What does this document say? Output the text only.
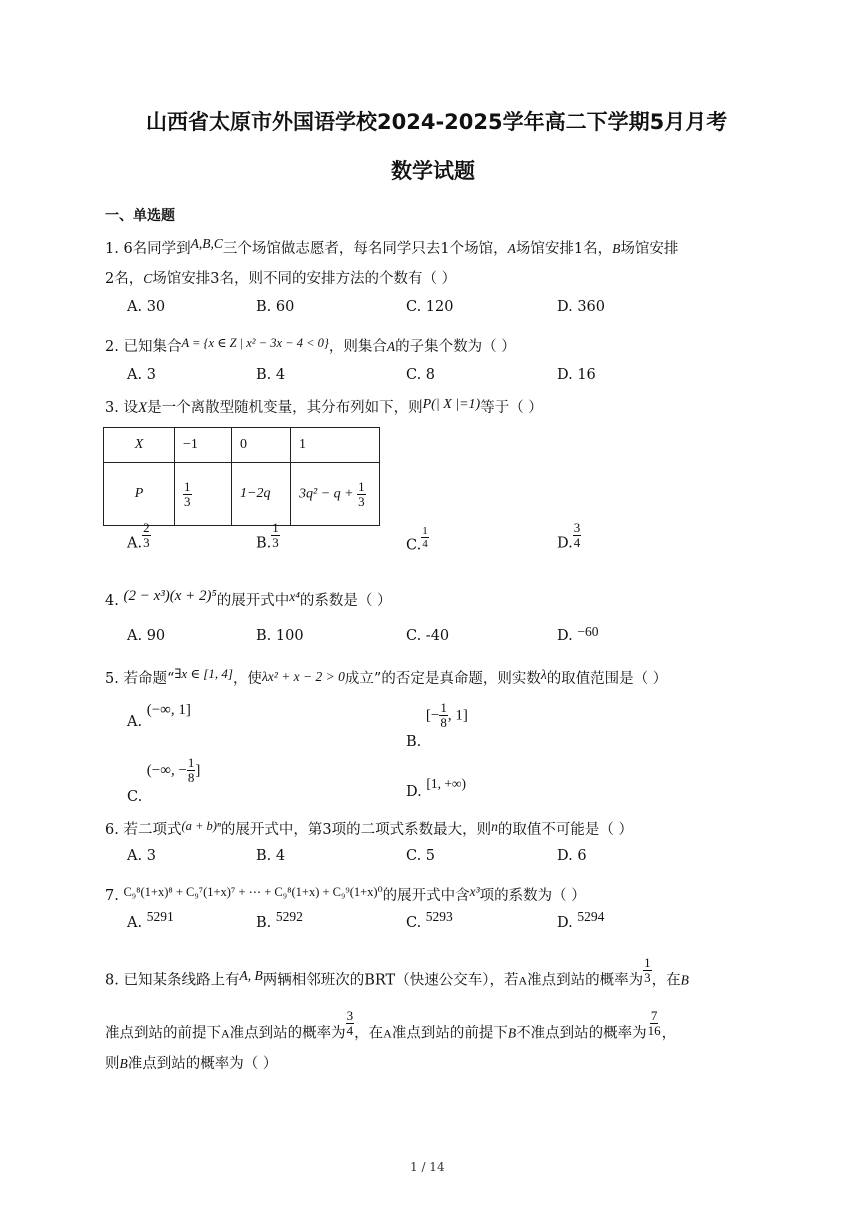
山西省太原市外国语学校2024-2025学年高二下学期5月月考
数学试题
一、单选题
1. 6名同学到A,B,C三个场馆做志愿者，每名同学只去1个场馆，A场馆安排1名，B场馆安排
2名，C场馆安排3名，则不同的安排方法的个数有（ ）
A. 30	B. 60	C. 120	D. 360
2. 已知集合A = {x ∈ Z | x² − 3x − 4 < 0}，则集合A的子集个数为（ ）
A. 3	B. 4	C. 8	D. 16
3. 设X是一个离散型随机变量，其分布列如下，则P(| X |=1)等于（ ）
X	−1	0	1
P	$\frac{1}{3}$	1−2q	$3q^2 - q + \frac{1}{3}$
A. $\frac{2}{3}$	B. $\frac{1}{3}$	C. $\frac{1}{4}$	D. $\frac{3}{4}$
4. (2 − x³)(x + 2)⁵的展开式中x⁴的系数是（ ）
A. 90	B. 100	C. -40	D. −60
5. 若命题“∃x ∈ [1, 4]，使λx² + x − 2 > 0成立”的否定是真命题，则实数λ的取值范围是（ ）
A. (−∞, 1]
B. [− $\frac{1}{8}$ , 1]
C. (−∞, − $\frac{1}{8}$ ]
D. [1, +∞)
6. 若二项式(a + b)ⁿ的展开式中，第3项的二项式系数最大，则n的取值不可能是（ ）
A. 3	B. 4	C. 5	D. 6
7. C₉⁸(1+x)⁸ + C₉⁷(1+x)⁷ + ⋯ + C₉⁸(1+x) + C₉⁹(1+x)⁰的展开式中含x³项的系数为（ ）
A. 5291	B. 5292	C. 5293	D. 5294
8. 已知某条线路上有A, B两辆相邻班次的BRT（快速公交车），若A准点到站的概率为 $\frac{1}{3}$ ，在B
准点到站的前提下A准点到站的概率为 $\frac{3}{4}$ ，在A准点到站的前提下B不准点到站的概率为 $\frac{7}{16}$ ，
则B准点到站的概率为（ ）
1 / 14
